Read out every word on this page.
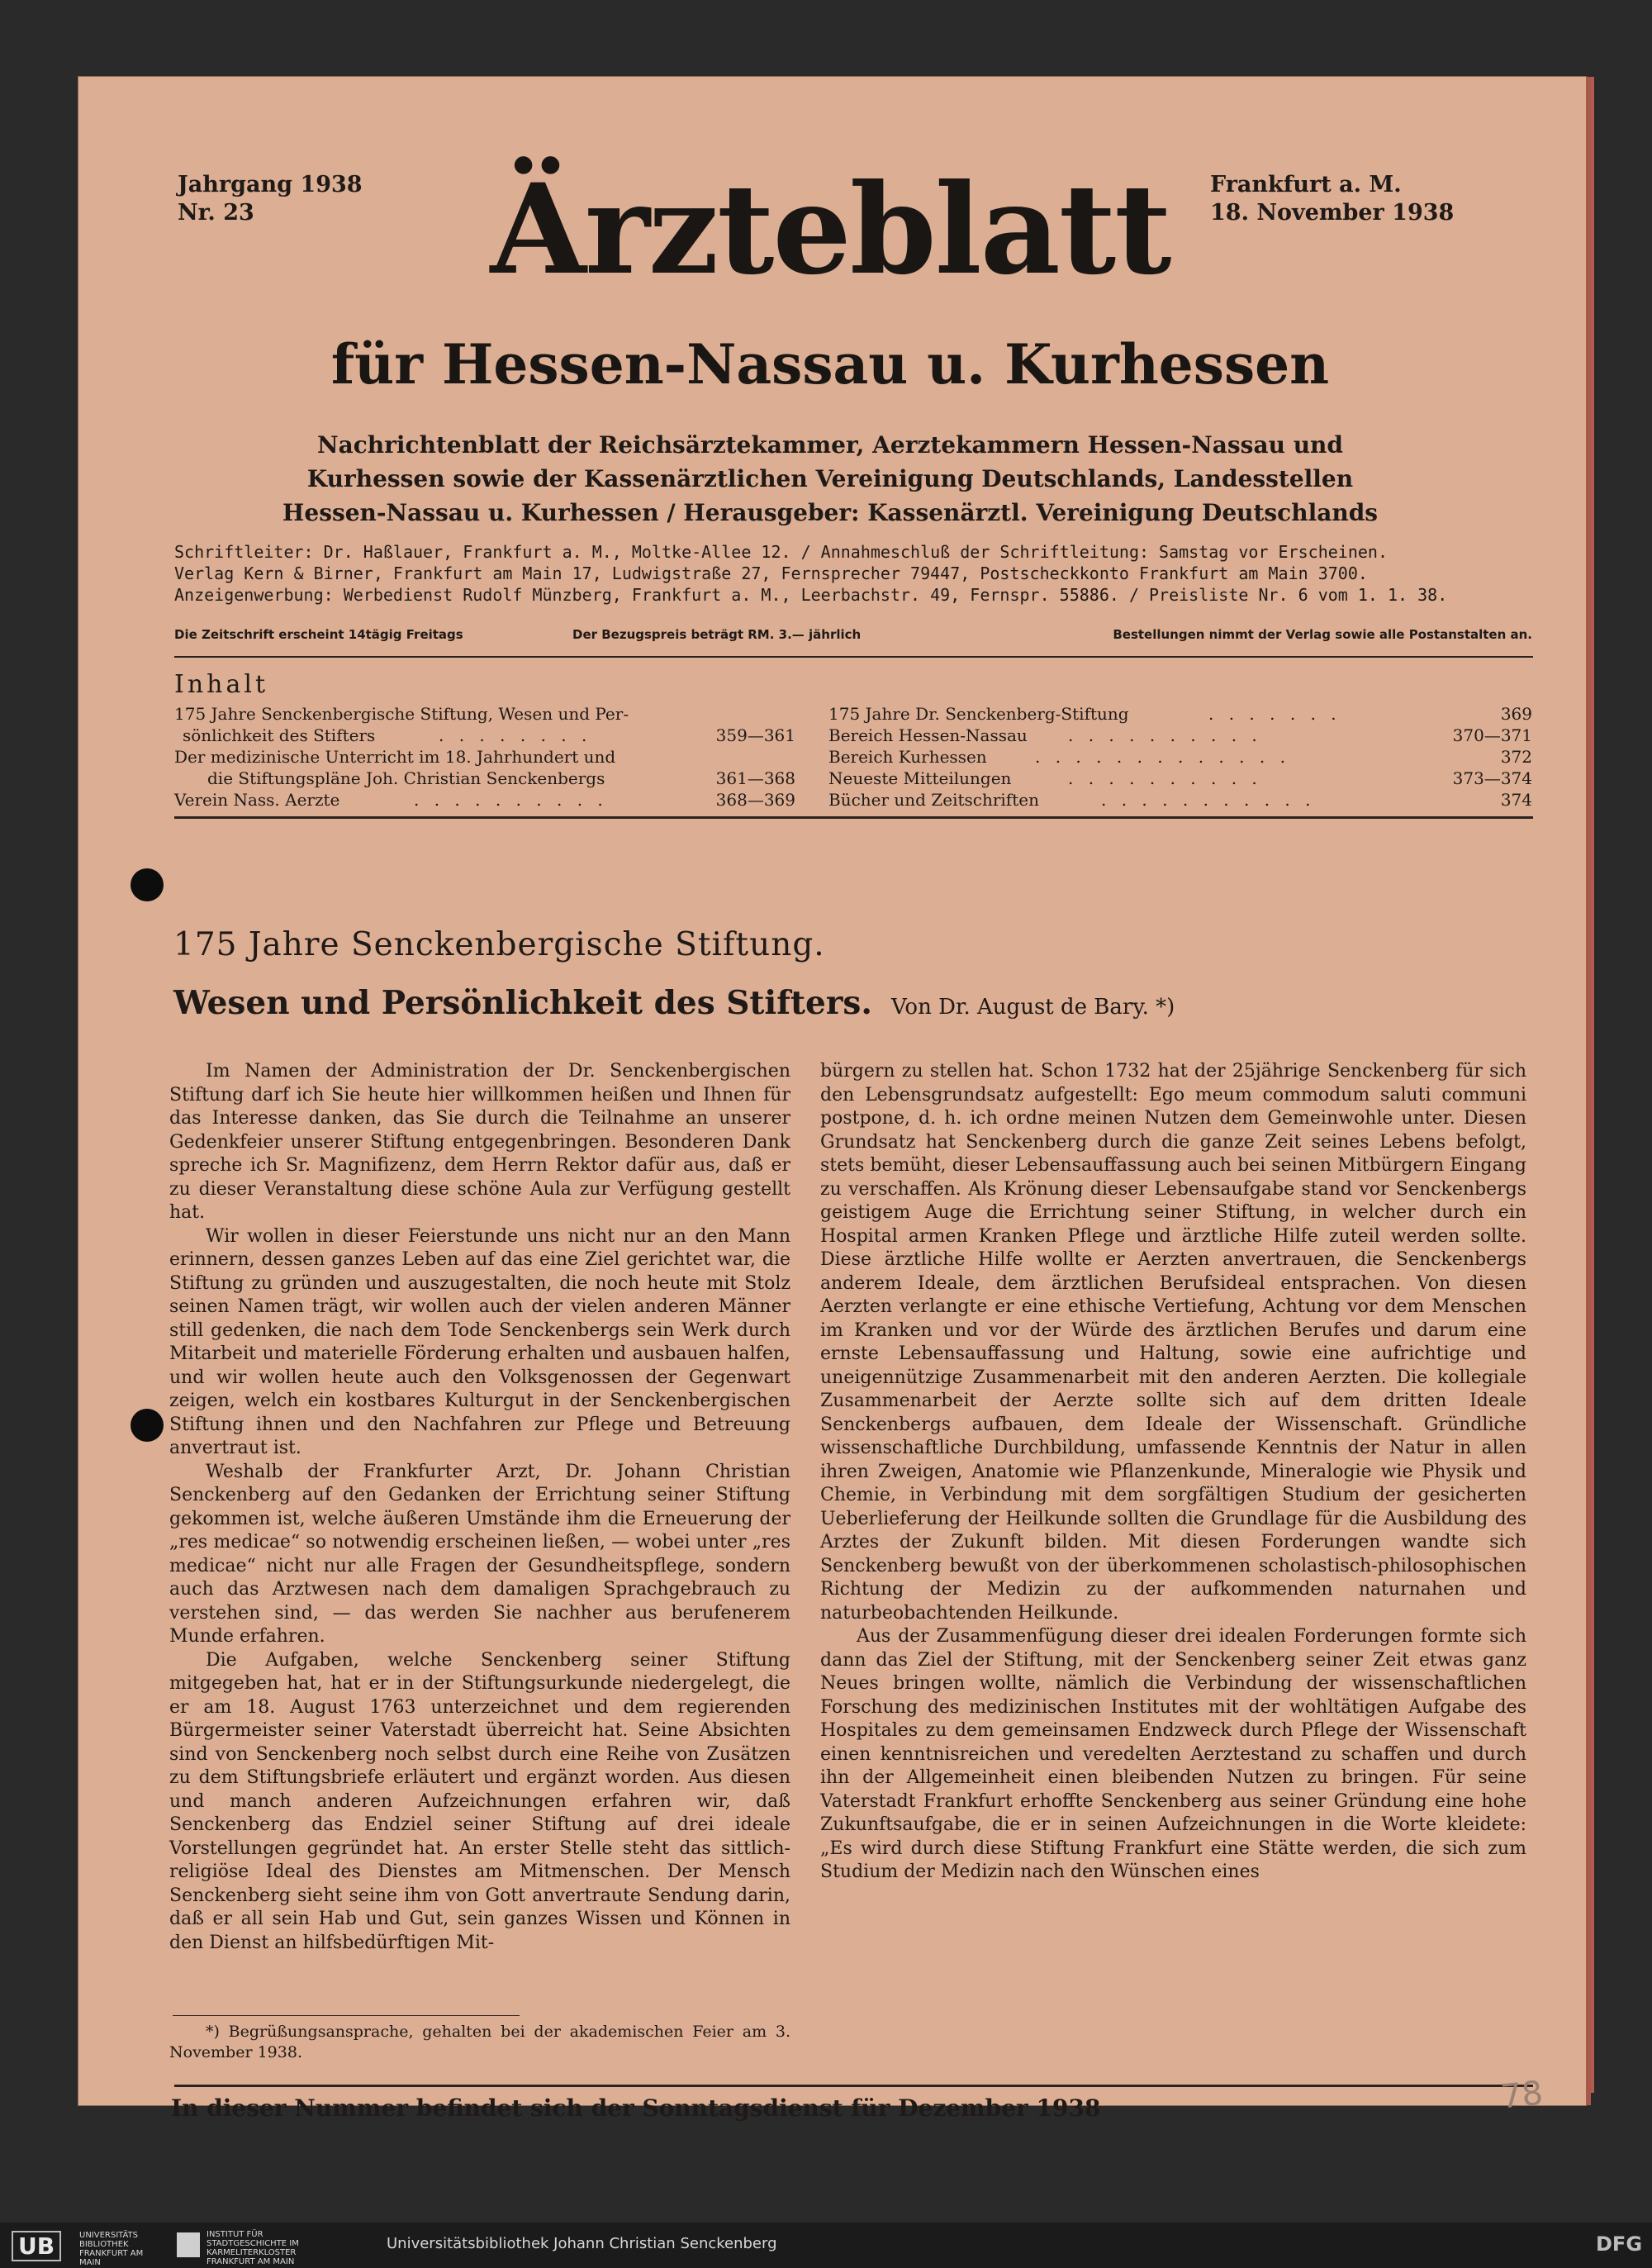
Jahrgang 1938
Nr. 23
Frankfurt a. M.
18. November 1938
Ärzteblatt
für Hessen-Nassau u. Kurhessen
Nachrichtenblatt der Reichsärztekammer, Aerztekammern Hessen-Nassau und
Kurhessen sowie der Kassenärztlichen Vereinigung Deutschlands, Landesstellen
Hessen-Nassau u. Kurhessen / Herausgeber: Kassenärztl. Vereinigung Deutschlands
Schriftleiter: Dr. Haßlauer, Frankfurt a. M., Moltke-Allee 12. / Annahmeschluß der Schriftleitung: Samstag vor Erscheinen.
Verlag Kern & Birner, Frankfurt am Main 17, Ludwigstraße 27, Fernsprecher 79447, Postscheckkonto Frankfurt am Main 3700.
Anzeigenwerbung: Werbedienst Rudolf Münzberg, Frankfurt a. M., Leerbachstr. 49, Fernspr. 55886. / Preisliste Nr. 6 vom 1. 1. 38.
Die Zeitschrift erscheint 14tägig Freitags	Der Bezugspreis beträgt RM. 3.— jährlich	Bestellungen nimmt der Verlag sowie alle Postanstalten an.
Inhalt
175 Jahre Senckenbergische Stiftung, Wesen und Per-
sönlichkeit des Stifters	. . . . . . . .	359—361
Der medizinische Unterricht im 18. Jahrhundert und
die Stiftungspläne Joh. Christian Senckenbergs	361—368
Verein Nass. Aerzte	. . . . . . . . . .	368—369
175 Jahre Dr. Senckenberg-Stiftung	. . . . . . .	369
Bereich Hessen-Nassau . . . . . . . . . .	370—371
Bereich Kurhessen	. . . . . . . . . . . . .	372
Neueste Mitteilungen	. . . . . . . . . .	373—374
Bücher und Zeitschriften	. . . . . . . . . . .	374
175 Jahre Senckenbergische Stiftung.
Wesen und Persönlichkeit des Stifters. Von Dr. August de Bary. *)

Im Namen der Administration der Dr. Senckenbergischen Stiftung darf ich Sie heute hier willkommen heißen und Ihnen für das Interesse danken, das Sie durch die Teilnahme an unserer Gedenkfeier unserer Stiftung entgegenbringen. Besonderen Dank spreche ich Sr. Magnifizenz, dem Herrn Rektor dafür aus, daß er zu dieser Veranstaltung diese schöne Aula zur Verfügung gestellt hat.

Wir wollen in dieser Feierstunde uns nicht nur an den Mann erinnern, dessen ganzes Leben auf das eine Ziel gerichtet war, die Stiftung zu gründen und auszugestalten, die noch heute mit Stolz seinen Namen trägt, wir wollen auch der vielen anderen Männer still gedenken, die nach dem Tode Senckenbergs sein Werk durch Mitarbeit und materielle Förderung erhalten und ausbauen halfen, und wir wollen heute auch den Volksgenossen der Gegenwart zeigen, welch ein kostbares Kulturgut in der Senckenbergischen Stiftung ihnen und den Nachfahren zur Pflege und Betreuung anvertraut ist.

Weshalb der Frankfurter Arzt, Dr. Johann Christian Senckenberg auf den Gedanken der Errichtung seiner Stiftung gekommen ist, welche äußeren Umstände ihm die Erneuerung der „res medicae“ so notwendig erscheinen ließen, — wobei unter „res medicae“ nicht nur alle Fragen der Gesundheitspflege, sondern auch das Arztwesen nach dem damaligen Sprachgebrauch zu verstehen sind, — das werden Sie nachher aus berufenerem Munde erfahren.

Die Aufgaben, welche Senckenberg seiner Stiftung mitgegeben hat, hat er in der Stiftungsurkunde niedergelegt, die er am 18. August 1763 unterzeichnet und dem regierenden Bürgermeister seiner Vaterstadt überreicht hat. Seine Absichten sind von Senckenberg noch selbst durch eine Reihe von Zusätzen zu dem Stiftungsbriefe erläutert und ergänzt worden. Aus diesen und manch anderen Aufzeichnungen erfahren wir, daß Senckenberg das Endziel seiner Stiftung auf drei ideale Vorstellungen gegründet hat. An erster Stelle steht das sittlich-religiöse Ideal des Dienstes am Mitmenschen. Der Mensch Senckenberg sieht seine ihm von Gott anvertraute Sendung darin, daß er all sein Hab und Gut, sein ganzes Wissen und Können in den Dienst an hilfsbedürftigen Mit-

*) Begrüßungsansprache, gehalten bei der akademischen Feier am 3. November 1938.

bürgern zu stellen hat. Schon 1732 hat der 25jährige Senckenberg für sich den Lebensgrundsatz aufgestellt: Ego meum commodum saluti communi postpone, d. h. ich ordne meinen Nutzen dem Gemeinwohle unter. Diesen Grundsatz hat Senckenberg durch die ganze Zeit seines Lebens befolgt, stets bemüht, dieser Lebensauffassung auch bei seinen Mitbürgern Eingang zu verschaffen. Als Krönung dieser Lebensaufgabe stand vor Senckenbergs geistigem Auge die Errichtung seiner Stiftung, in welcher durch ein Hospital armen Kranken Pflege und ärztliche Hilfe zuteil werden sollte. Diese ärztliche Hilfe wollte er Aerzten anvertrauen, die Senckenbergs anderem Ideale, dem ärztlichen Berufsideal entsprachen. Von diesen Aerzten verlangte er eine ethische Vertiefung, Achtung vor dem Menschen im Kranken und vor der Würde des ärztlichen Berufes und darum eine ernste Lebensauffassung und Haltung, sowie eine aufrichtige und uneigennützige Zusammenarbeit mit den anderen Aerzten. Die kollegiale Zusammenarbeit der Aerzte sollte sich auf dem dritten Ideale Senckenbergs aufbauen, dem Ideale der Wissenschaft. Gründliche wissenschaftliche Durchbildung, umfassende Kenntnis der Natur in allen ihren Zweigen, Anatomie wie Pflanzenkunde, Mineralogie wie Physik und Chemie, in Verbindung mit dem sorgfältigen Studium der gesicherten Ueberlieferung der Heilkunde sollten die Grundlage für die Ausbildung des Arztes der Zukunft bilden. Mit diesen Forderungen wandte sich Senckenberg bewußt von der überkommenen scholastisch-philosophischen Richtung der Medizin zu der aufkommenden naturnahen und naturbeobachtenden Heilkunde.

Aus der Zusammenfügung dieser drei idealen Forderungen formte sich dann das Ziel der Stiftung, mit der Senckenberg seiner Zeit etwas ganz Neues bringen wollte, nämlich die Verbindung der wissenschaftlichen Forschung des medizinischen Institutes mit der wohltätigen Aufgabe des Hospitales zu dem gemeinsamen Endzweck durch Pflege der Wissenschaft einen kenntnisreichen und veredelten Aerztestand zu schaffen und durch ihn der Allgemeinheit einen bleibenden Nutzen zu bringen. Für seine Vaterstadt Frankfurt erhoffte Senckenberg aus seiner Gründung eine hohe Zukunftsaufgabe, die er in seinen Aufzeichnungen in die Worte kleidete: „Es wird durch diese Stiftung Frankfurt eine Stätte werden, die sich zum Studium der Medizin nach den Wünschen eines

In dieser Nummer befindet sich der Sonntagsdienst für Dezember 1938	78
UB	UNIVERSITÄTS BIBLIOTHEK FRANKFURT AM MAIN
INSTITUT FÜR STADTGESCHICHTE IM KARMELITERKLOSTER FRANKFURT AM MAIN
Universitätsbibliothek Johann Christian Senckenberg	DFG
